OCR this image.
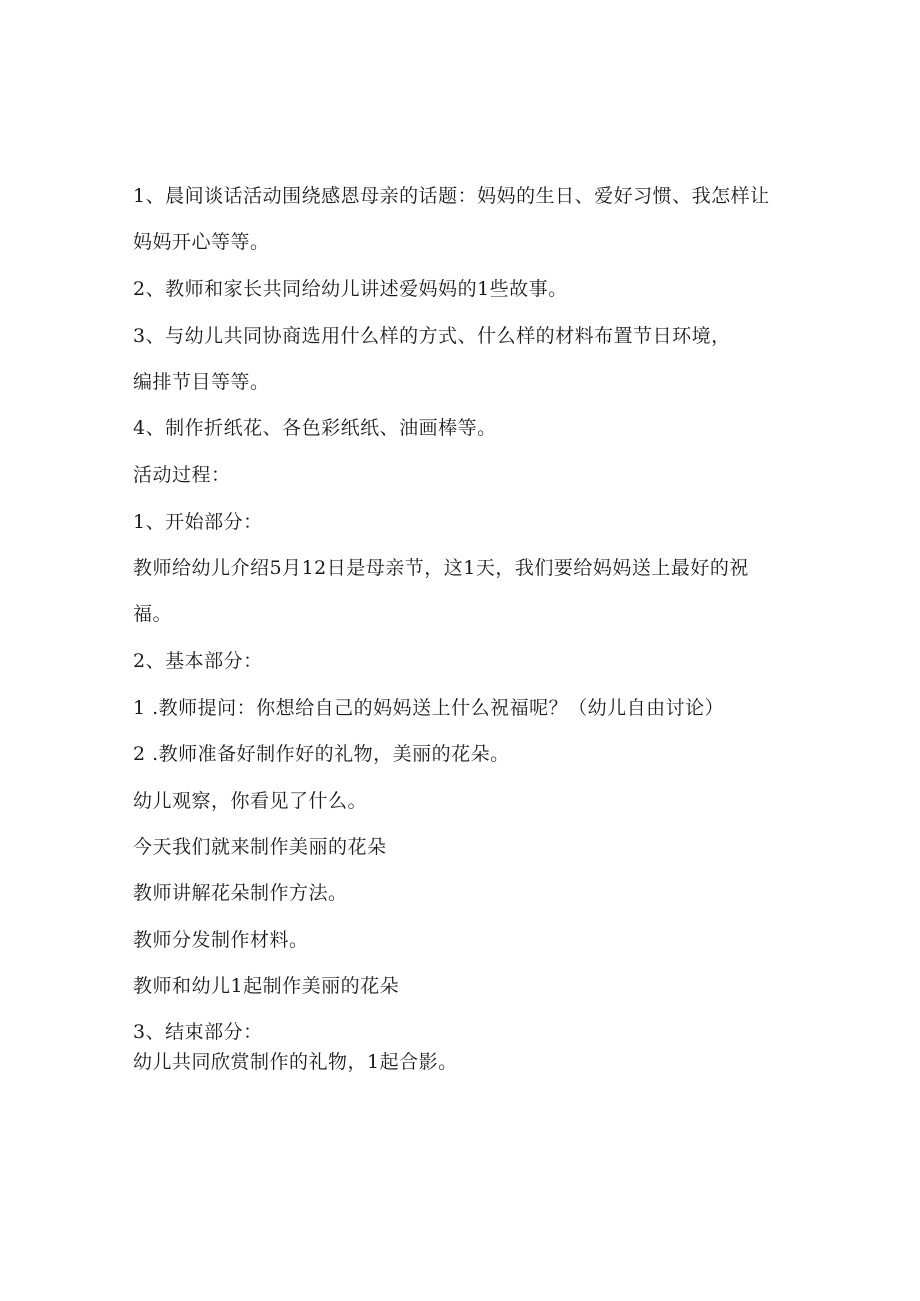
1、晨间谈话活动围绕感恩母亲的话题：妈妈的生日、爱好习惯、我怎样让
妈妈开心等等。
2、教师和家长共同给幼儿讲述爱妈妈的1些故事。
3、与幼儿共同协商选用什么样的方式、什么样的材料布置节日环境，
编排节目等等。
4、制作折纸花、各色彩纸纸、油画棒等。
活动过程：
1、开始部分：
教师给幼儿介绍5月12日是母亲节，这1天，我们要给妈妈送上最好的祝
福。
2、基本部分：
1 .教师提问：你想给自己的妈妈送上什么祝福呢？（幼儿自由讨论）
2 .教师准备好制作好的礼物，美丽的花朵。
幼儿观察，你看见了什么。
今天我们就来制作美丽的花朵
教师讲解花朵制作方法。
教师分发制作材料。
教师和幼儿1起制作美丽的花朵
3、结束部分：
幼儿共同欣赏制作的礼物，1起合影。
